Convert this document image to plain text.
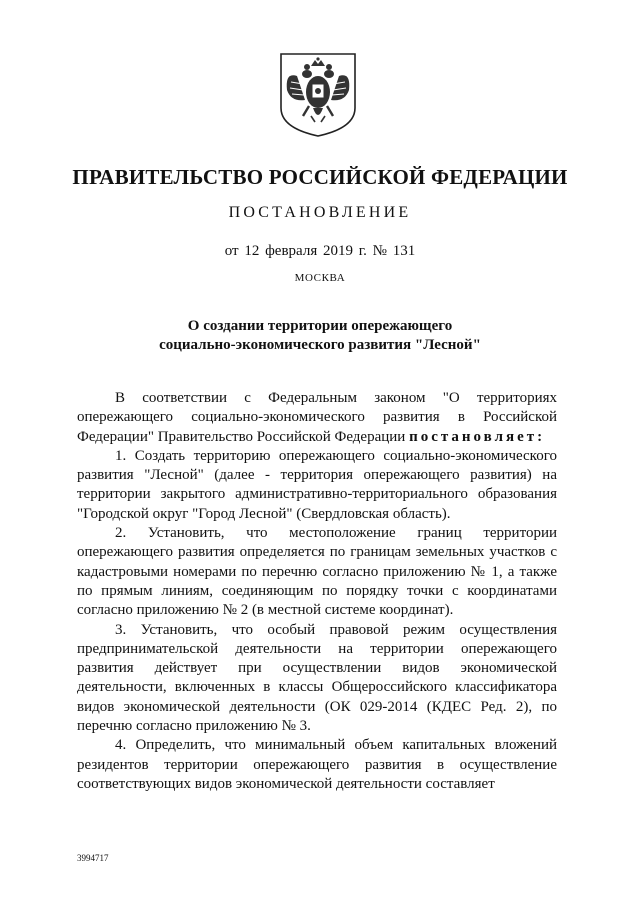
ПРАВИТЕЛЬСТВО РОССИЙСКОЙ ФЕДЕРАЦИИ
ПОСТАНОВЛЕНИЕ
от 12 февраля 2019 г. № 131
МОСКВА
О создании территории опережающего
социально-экономического развития "Лесной"

В соответствии с Федеральным законом "О территориях опережающего социально-экономического развития в Российской Федерации" Правительство Российской Федерации постановляет:

1. Создать территорию опережающего социально-экономического развития "Лесной" (далее - территория опережающего развития) на территории закрытого административно-территориального образования "Городской округ "Город Лесной" (Свердловская область).

2. Установить, что местоположение границ территории опережающего развития определяется по границам земельных участков с кадастровыми номерами по перечню согласно приложению № 1, а также по прямым линиям, соединяющим по порядку точки с координатами согласно приложению № 2 (в местной системе координат).

3. Установить, что особый правовой режим осуществления предпринимательской деятельности на территории опережающего развития действует при осуществлении видов экономической деятельности, включенных в классы Общероссийского классификатора видов экономической деятельности (ОК 029-2014 (КДЕС Ред. 2), по перечню согласно приложению № 3.

4. Определить, что минимальный объем капитальных вложений резидентов территории опережающего развития в осуществление соответствующих видов экономической деятельности составляет

3994717
